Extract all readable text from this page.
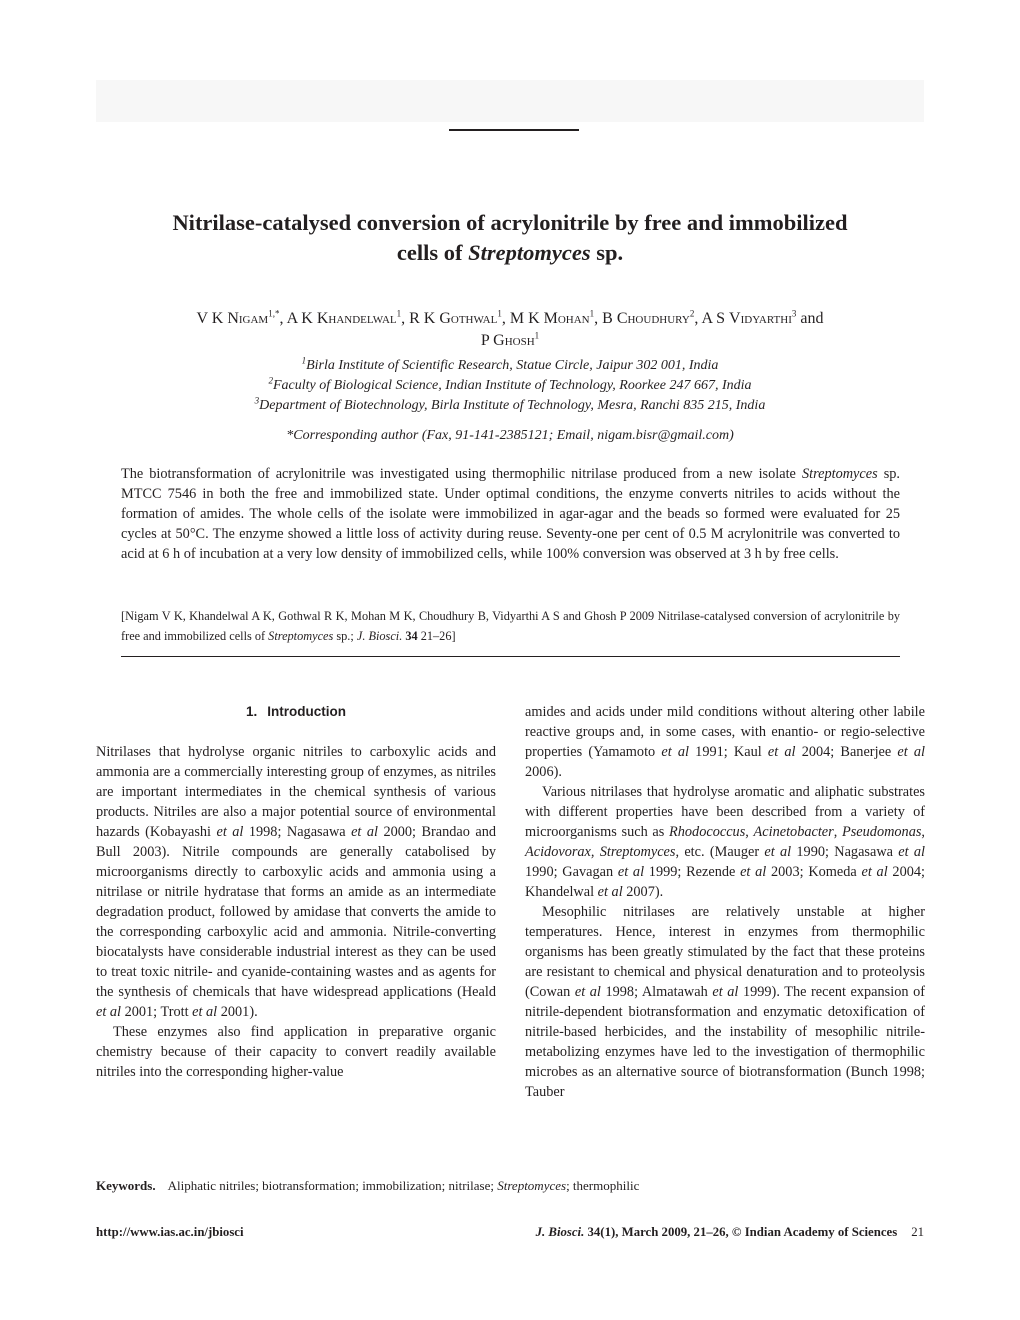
Nitrilase-catalysed conversion of acrylonitrile by free and immobilized
cells of Streptomyces sp.
V K Nigam$^{1,*}$, A K Khandelwal$^1$, R K Gothwal$^1$, M K Mohan$^1$, B Choudhury$^2$, A S Vidyarthi$^3$ and
P Ghosh$^1$
$^1$Birla Institute of Scientific Research, Statue Circle, Jaipur 302 001, India
$^2$Faculty of Biological Science, Indian Institute of Technology, Roorkee 247 667, India
$^3$Department of Biotechnology, Birla Institute of Technology, Mesra, Ranchi 835 215, India
*Corresponding author (Fax, 91-141-2385121; Email, nigam.bisr@gmail.com)
The biotransformation of acrylonitrile was investigated using thermophilic nitrilase produced from a new isolate Streptomyces sp. MTCC 7546 in both the free and immobilized state. Under optimal conditions, the enzyme converts nitriles to acids without the formation of amides. The whole cells of the isolate were immobilized in agar-agar and the beads so formed were evaluated for 25 cycles at 50°C. The enzyme showed a little loss of activity during reuse. Seventy-one per cent of 0.5 M acrylonitrile was converted to acid at 6 h of incubation at a very low density of immobilized cells, while 100% conversion was observed at 3 h by free cells.
[Nigam V K, Khandelwal A K, Gothwal R K, Mohan M K, Choudhury B, Vidyarthi A S and Ghosh P 2009 Nitrilase-catalysed conversion of acrylonitrile by free and immobilized cells of Streptomyces sp.; J. Biosci. 34 21–26]
1. Introduction

Nitrilases that hydrolyse organic nitriles to carboxylic acids and ammonia are a commercially interesting group of enzymes, as nitriles are important intermediates in the chemical synthesis of various products. Nitriles are also a major potential source of environmental hazards (Kobayashi et al 1998; Nagasawa et al 2000; Brandao and Bull 2003). Nitrile compounds are generally catabolised by microorganisms directly to carboxylic acids and ammonia using a nitrilase or nitrile hydratase that forms an amide as an intermediate degradation product, followed by amidase that converts the amide to the corresponding carboxylic acid and ammonia. Nitrile-converting biocatalysts have considerable industrial interest as they can be used to treat toxic nitrile- and cyanide-containing wastes and as agents for the synthesis of chemicals that have widespread applications (Heald et al 2001; Trott et al 2001).

These enzymes also find application in preparative organic chemistry because of their capacity to convert readily available nitriles into the corresponding higher-value

amides and acids under mild conditions without altering other labile reactive groups and, in some cases, with enantio- or regio-selective properties (Yamamoto et al 1991; Kaul et al 2004; Banerjee et al 2006).

Various nitrilases that hydrolyse aromatic and aliphatic substrates with different properties have been described from a variety of microorganisms such as Rhodococcus, Acinetobacter, Pseudomonas, Acidovorax, Streptomyces, etc. (Mauger et al 1990; Nagasawa et al 1990; Gavagan et al 1999; Rezende et al 2003; Komeda et al 2004; Khandelwal et al 2007).

Mesophilic nitrilases are relatively unstable at higher temperatures. Hence, interest in enzymes from thermophilic organisms has been greatly stimulated by the fact that these proteins are resistant to chemical and physical denaturation and to proteolysis (Cowan et al 1998; Almatawah et al 1999). The recent expansion of nitrile-dependent biotransformation and enzymatic detoxification of nitrile-based herbicides, and the instability of mesophilic nitrile-metabolizing enzymes have led to the investigation of thermophilic microbes as an alternative source of biotransformation (Bunch 1998; Tauber

Keywords. Aliphatic nitriles; biotransformation; immobilization; nitrilase; Streptomyces; thermophilic
http://www.ias.ac.in/jbiosci	J. Biosci. 34(1), March 2009, 21–26, © Indian Academy of Sciences 21
